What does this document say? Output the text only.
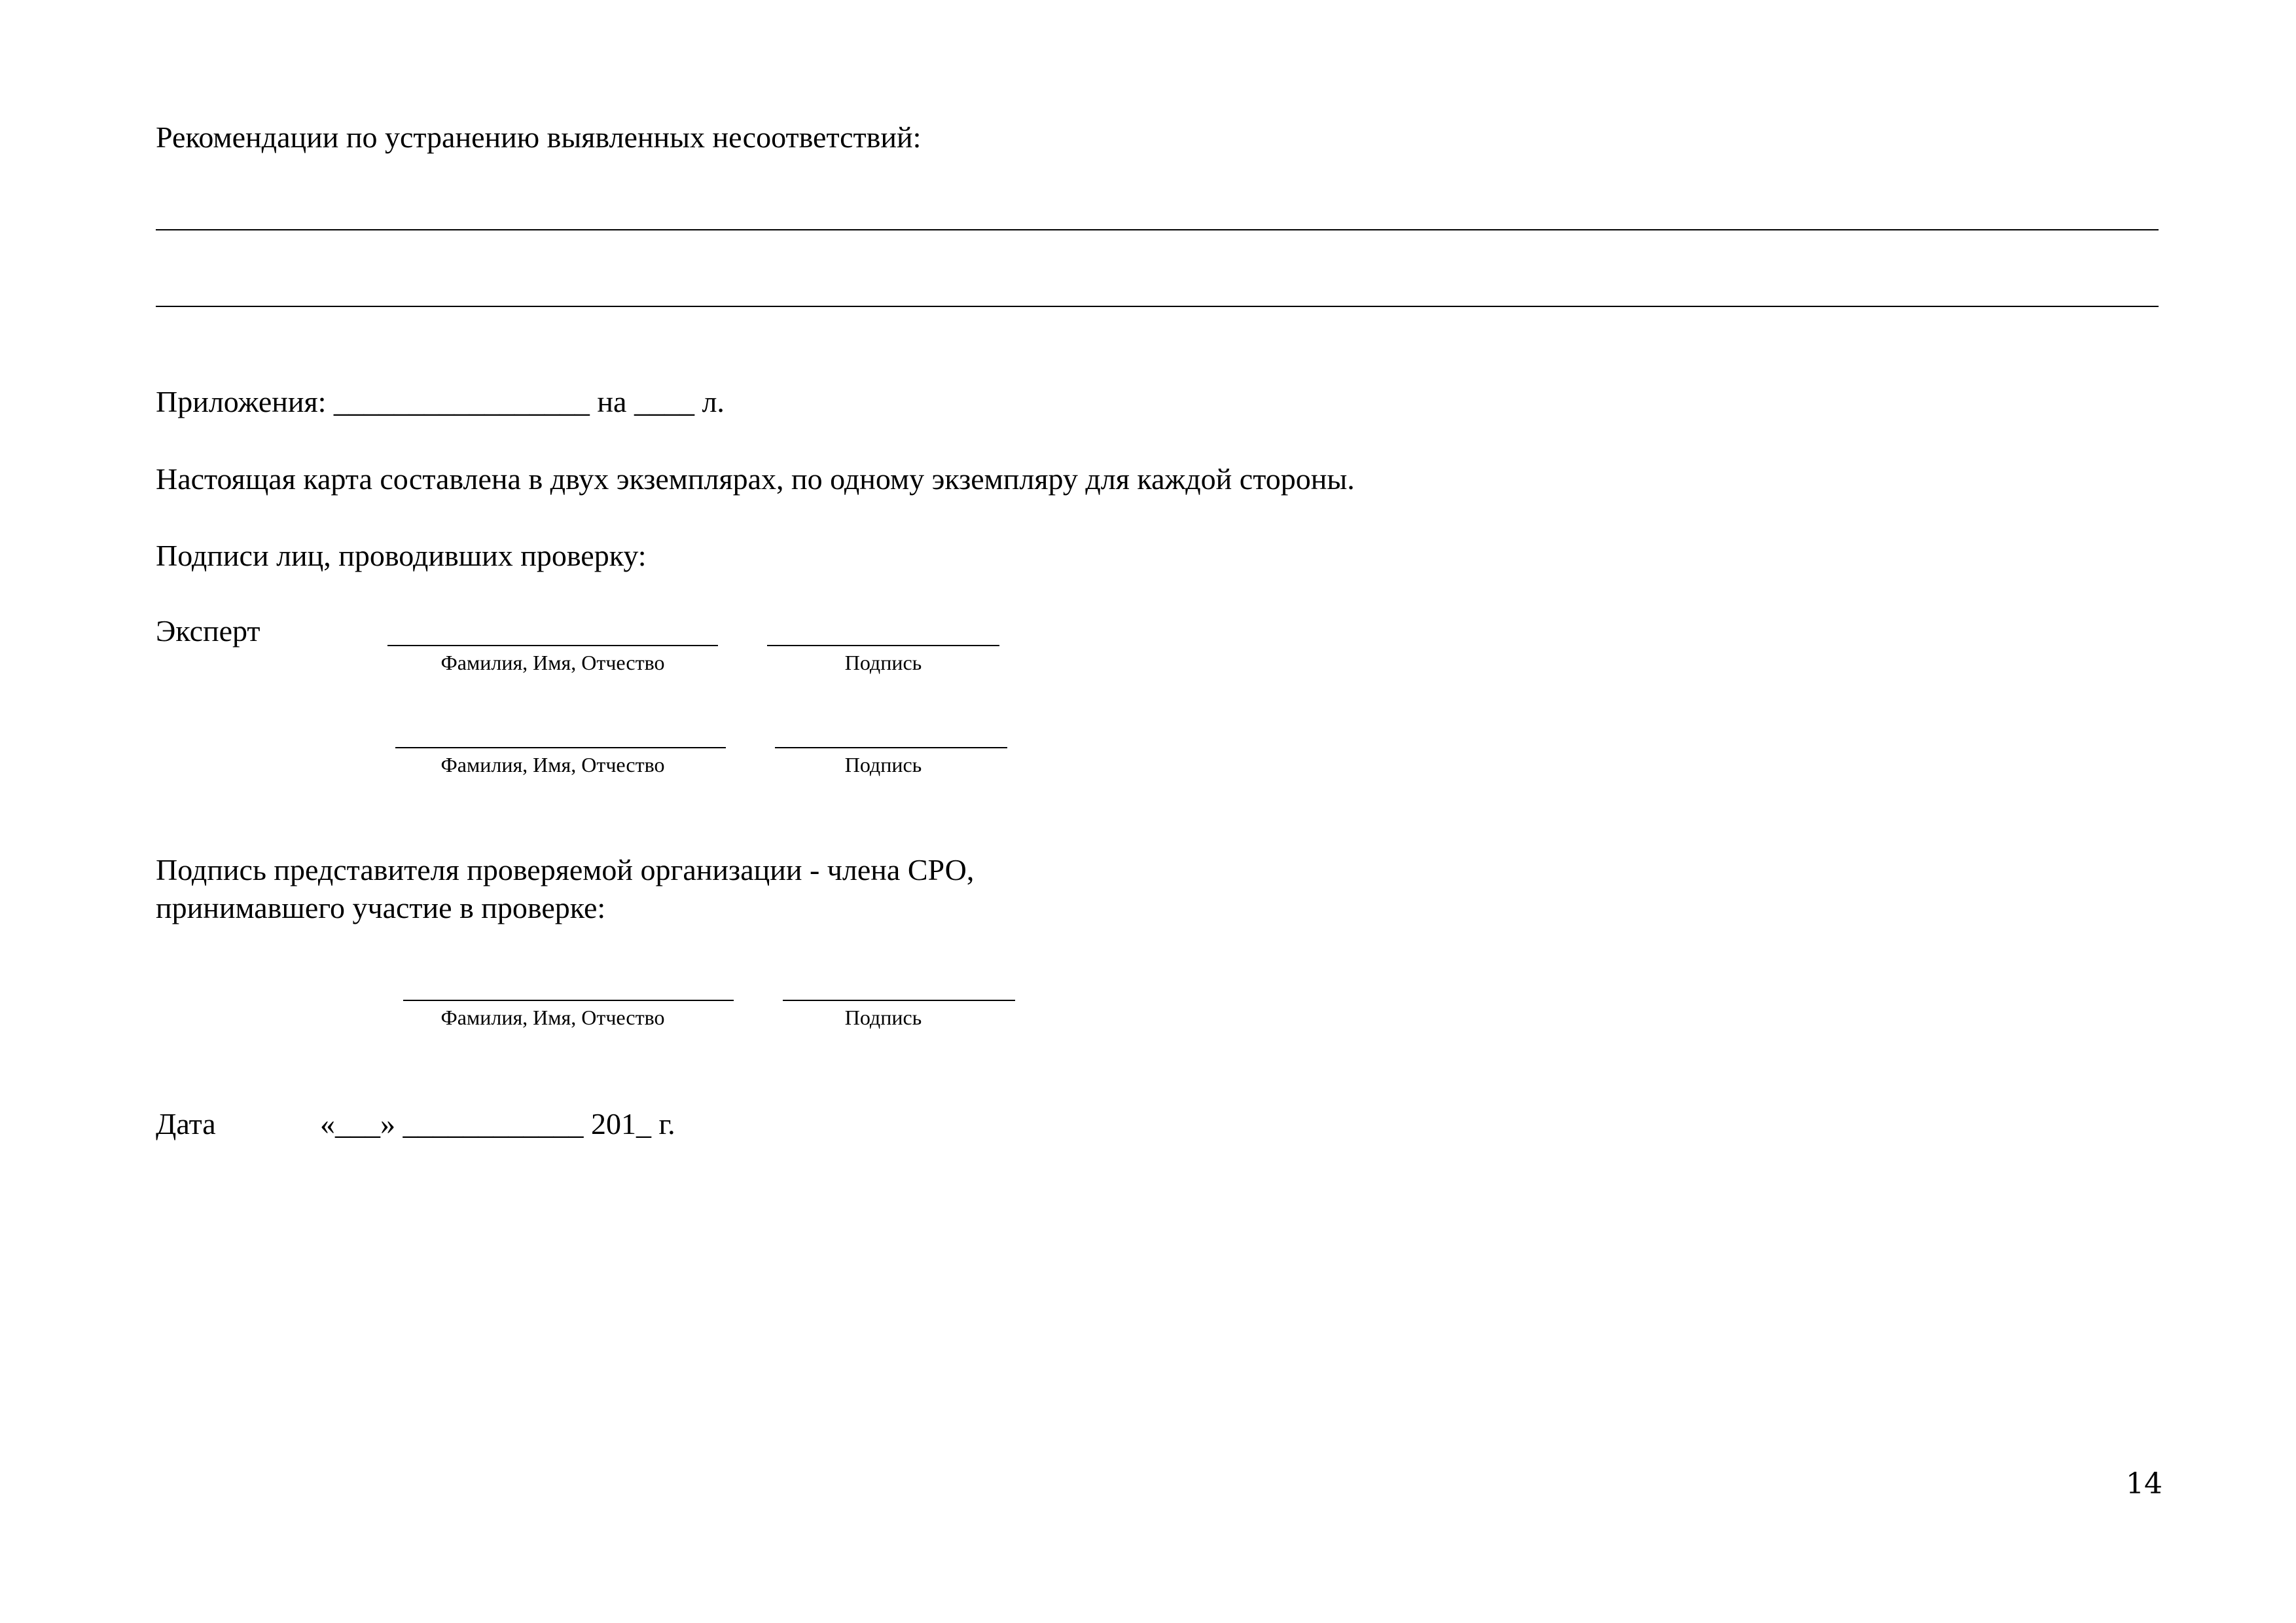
Рекомендации по устранению выявленных несоответствий:
Приложения: _________________ на ____ л.
Настоящая карта составлена в двух экземплярах, по одному экземпляру для каждой стороны.
Подписи лиц, проводивших проверку:
Эксперт
Фамилия, Имя, Отчество	Подпись
Фамилия, Имя, Отчество	Подпись
Подпись представителя проверяемой организации - члена СРО,
принимавшего участие в проверке:
Фамилия, Имя, Отчество	Подпись
Дата	«___» ____________ 201_ г.
14
